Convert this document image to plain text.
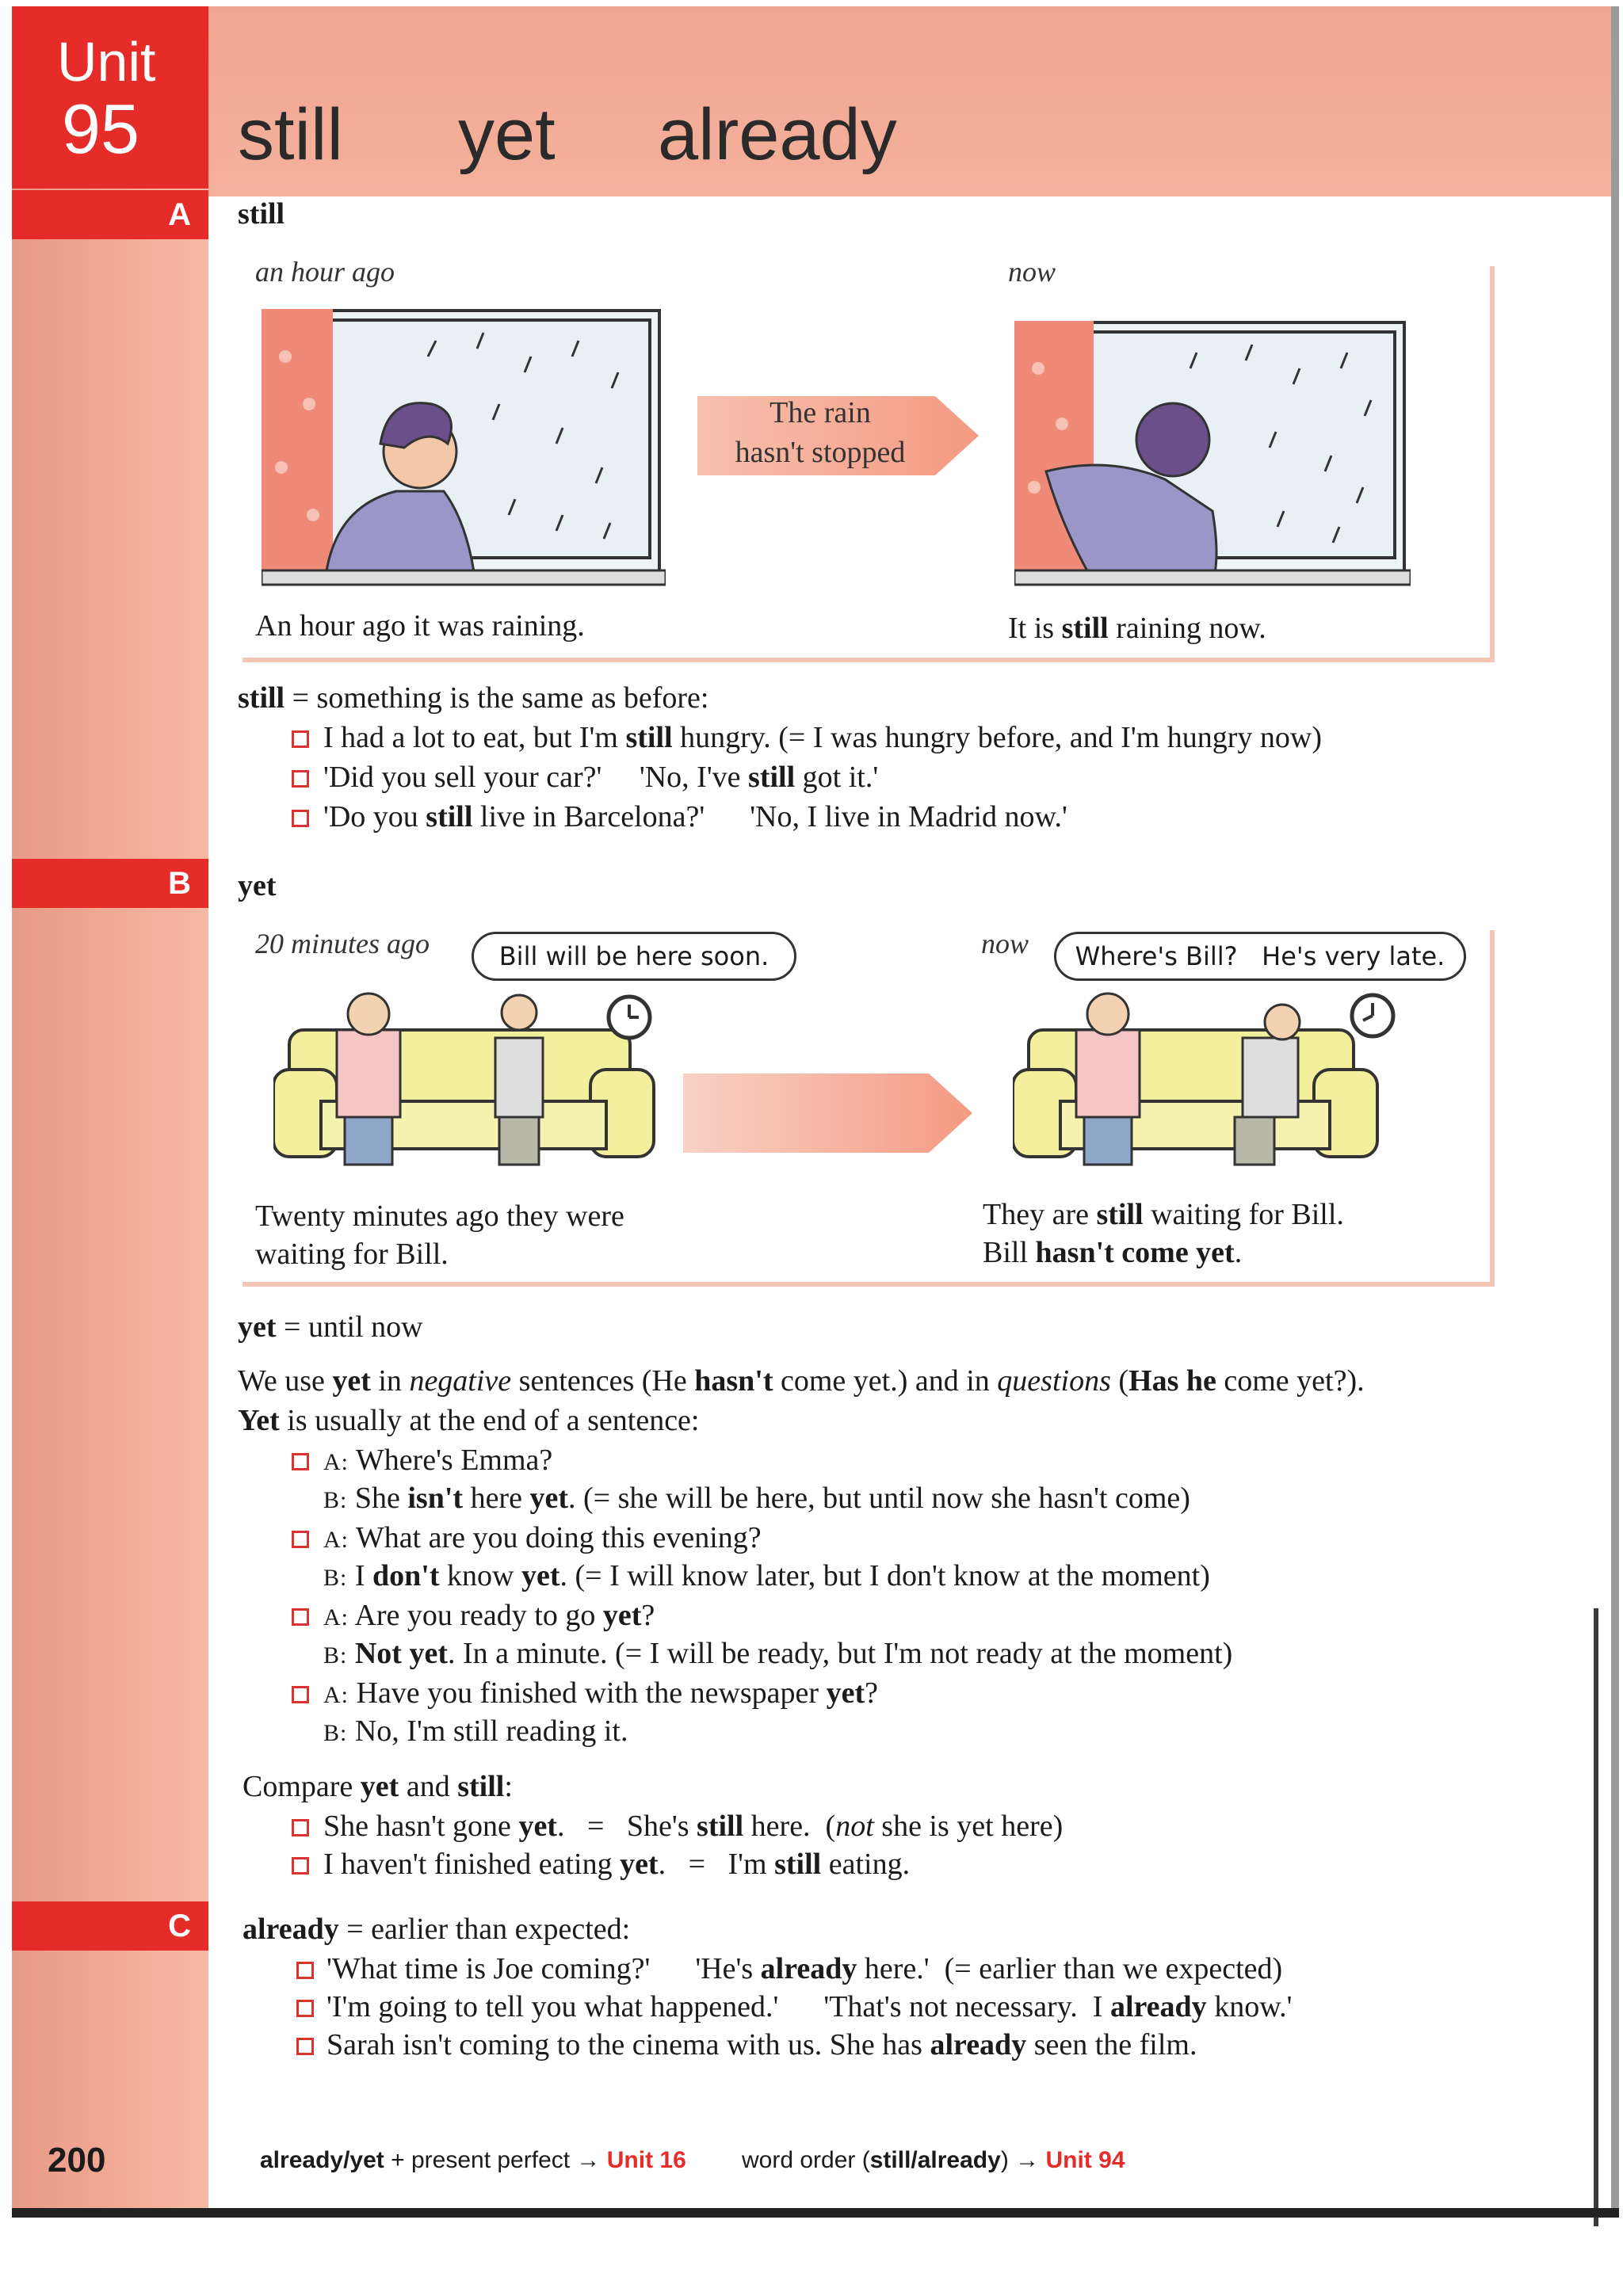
Unit
95 still yet already
A	still
an hour ago	now
The rain
hasn't stopped
An hour ago it was raining.	It is still raining now.
still = something is the same as before:
I had a lot to eat, but I'm still hungry. (= I was hungry before, and I'm hungry now)
'Did you sell your car?'     'No, I've still got it.'
'Do you still live in Barcelona?'      'No, I live in Madrid now.'
B	yet
20 minutes ago	Bill will be here soon.	now	Where's Bill?   He's very late.
Twenty minutes ago they were
waiting for Bill.
They are still waiting for Bill.
Bill hasn't come yet.
yet = until now
We use yet in negative sentences (He hasn't come yet.) and in questions (Has he come yet?).
Yet is usually at the end of a sentence:
A: Where's Emma?
B: She isn't here yet. (= she will be here, but until now she hasn't come)
A: What are you doing this evening?
B: I don't know yet. (= I will know later, but I don't know at the moment)
A: Are you ready to go yet?
B: Not yet. In a minute. (= I will be ready, but I'm not ready at the moment)
A: Have you finished with the newspaper yet?
B: No, I'm still reading it.
Compare yet and still:
She hasn't gone yet.   =   She's still here.  (not she is yet here)
I haven't finished eating yet.   =   I'm still eating.
C	already = earlier than expected:
'What time is Joe coming?'      'He's already here.'  (= earlier than we expected)
'I'm going to tell you what happened.'      'That's not necessary.  I already know.'
Sarah isn't coming to the cinema with us. She has already seen the film.
200	already/yet + present perfect → Unit 16 word order (still/already) → Unit 94
